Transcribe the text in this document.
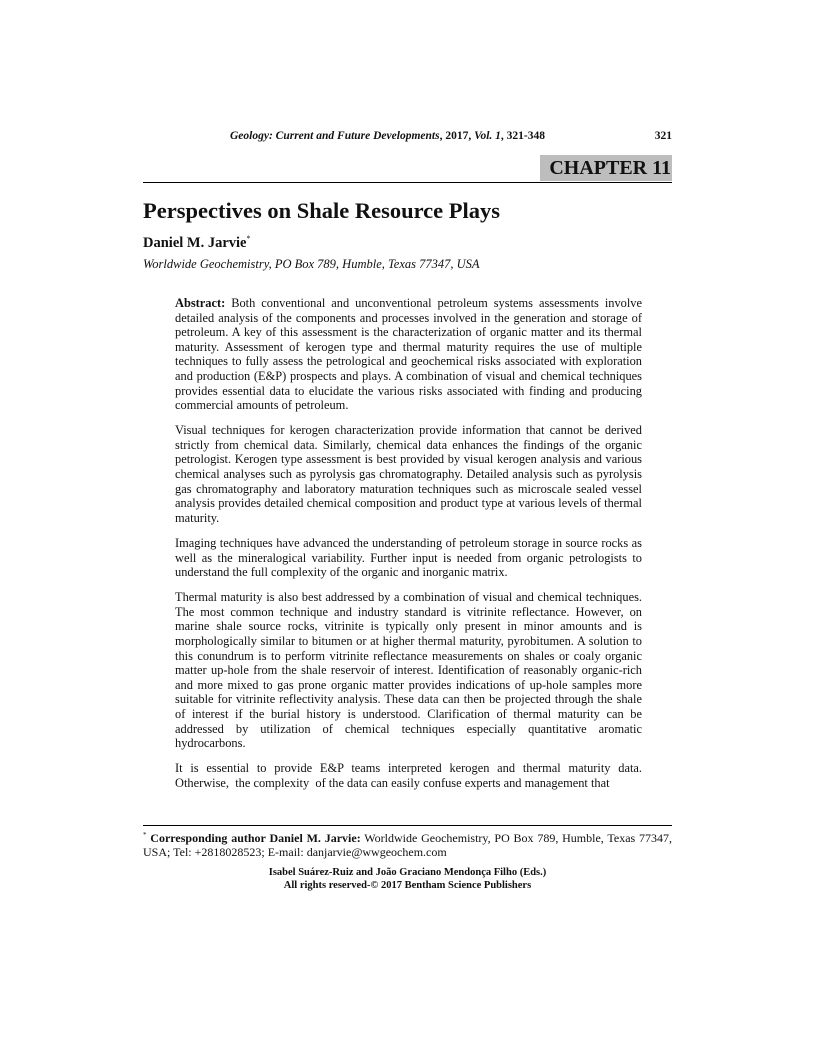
Geology: Current and Future Developments, 2017, Vol. 1, 321-348	321
CHAPTER 11
Perspectives on Shale Resource Plays
Daniel M. Jarvie*
Worldwide Geochemistry, PO Box 789, Humble, Texas 77347, USA

Abstract: Both conventional and unconventional petroleum systems assessments involve detailed analysis of the components and processes involved in the generation and storage of petroleum. A key of this assessment is the characterization of organic matter and its thermal maturity. Assessment of kerogen type and thermal maturity requires the use of multiple techniques to fully assess the petrological and geochemical risks associated with exploration and production (E&P) prospects and plays. A combination of visual and chemical techniques provides essential data to elucidate the various risks associated with finding and producing commercial amounts of petroleum.

Visual techniques for kerogen characterization provide information that cannot be derived strictly from chemical data. Similarly, chemical data enhances the findings of the organic petrologist. Kerogen type assessment is best provided by visual kerogen analysis and various chemical analyses such as pyrolysis gas chromatography. Detailed analysis such as pyrolysis gas chromatography and laboratory maturation techniques such as microscale sealed vessel analysis provides detailed chemical composition and product type at various levels of thermal maturity.

Imaging techniques have advanced the understanding of petroleum storage in source rocks as well as the mineralogical variability. Further input is needed from organic petrologists to understand the full complexity of the organic and inorganic matrix.

Thermal maturity is also best addressed by a combination of visual and chemical techniques. The most common technique and industry standard is vitrinite reflectance. However, on marine shale source rocks, vitrinite is typically only present in minor amounts and is morphologically similar to bitumen or at higher thermal maturity, pyrobitumen. A solution to this conundrum is to perform vitrinite reflectance measurements on shales or coaly organic matter up-hole from the shale reservoir of interest. Identification of reasonably organic-rich and more mixed to gas prone organic matter provides indications of up-hole samples more suitable for vitrinite reflectivity analysis. These data can then be projected through the shale of interest if the burial history is understood. Clarification of thermal maturity can be addressed by utilization of chemical techniques especially quantitative aromatic hydrocarbons.

It is essential to provide E&P teams interpreted kerogen and thermal maturity data. Otherwise,  the complexity  of the data can easily confuse experts and management that

* Corresponding author Daniel M. Jarvie: Worldwide Geochemistry, PO Box 789, Humble, Texas 77347, USA; Tel: +2818028523; E-mail: danjarvie@wwgeochem.com
Isabel Suárez-Ruiz and João Graciano Mendonça Filho (Eds.)
All rights reserved-© 2017 Bentham Science Publishers
